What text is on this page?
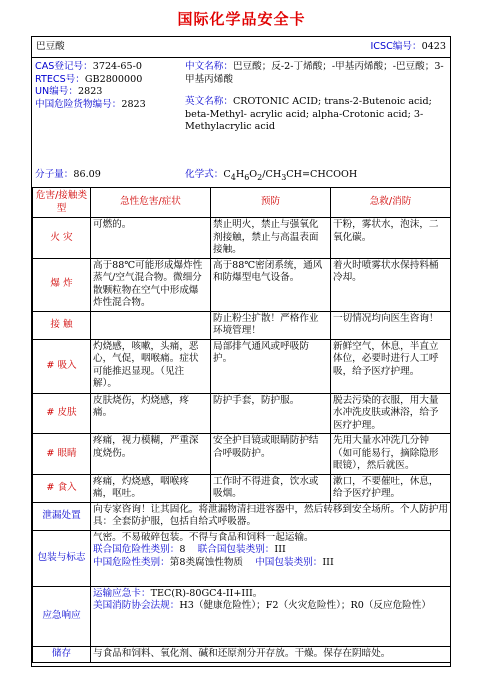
国际化学品安全卡
巴豆酸	ICSC编号：0423
CAS登记号：3724-65-0
RTECS号：GB2800000
UN编号：2823
中国危险货物编号：2823
中文名称：巴豆酸；反-2-丁烯酸；-甲基丙烯酸；-巴豆酸；3-甲基丙烯酸
英文名称：CROTONIC ACID; trans-2-Butenoic acid; beta-Methyl- acrylic acid; alpha-Crotonic acid; 3-Methylacrylic acid
分子量：86.09	化学式：$C_4H_6O_2/CH_3CH=CHCOOH$
危害/接触类型	急性危害/症状	预防	急救/消防
火 灾	可燃的。	禁止明火，禁止与强氧化剂接触，禁止与高温表面接触。	干粉，雾状水，泡沫，二氧化碳。
爆 炸	高于88℃可能形成爆炸性蒸气/空气混合物。微细分散颗粒物在空气中形成爆炸性混合物。	高于88℃密闭系统，通风和防爆型电气设备。	着火时喷雾状水保持料桶冷却。
接 触		防止粉尘扩散！严格作业环境管理！	一切情况均向医生咨询！
# 吸入	灼烧感，咳嗽，头痛，恶心，气促，咽喉痛。症状可能推迟显现。（见注解）。	局部排气通风或呼吸防护。	新鲜空气，休息，半直立体位，必要时进行人工呼吸，给予医疗护理。
# 皮肤	皮肤烧伤，灼烧感，疼痛。	防护手套，防护服。	脱去污染的衣服，用大量水冲洗皮肤或淋浴，给予医疗护理。
# 眼睛	疼痛，视力模糊，严重深度烧伤。	安全护目镜或眼睛防护结合呼吸防护。	先用大量水冲洗几分钟（如可能易行，摘除隐形眼镜），然后就医。
# 食入	疼痛，灼烧感，咽喉疼痛，呕吐。	工作时不得进食，饮水或吸烟。	漱口，不要催吐，休息，给予医疗护理。
泄漏处置	向专家咨询！让其固化。将泄漏物清扫进容器中，然后转移到安全场所。个人防护用具：全套防护服，包括自给式呼吸器。		
包装与标志	气密。不易破碎包装。不得与食品和饲料一起运输。
联合国危险性类别：8 联合国包装类别：III
中国危险性类别：第8类腐蚀性物质 中国包装类别：III		

应急响应	运输应急卡：TEC(R)-80GC4-II+III。
美国消防协会法规：H3（健康危险性）；F2（火灾危险性）；R0（反应危险性）		

储存	与食品和饲料、氧化剂、碱和还原剂分开存放。干燥。保存在阴暗处。		
